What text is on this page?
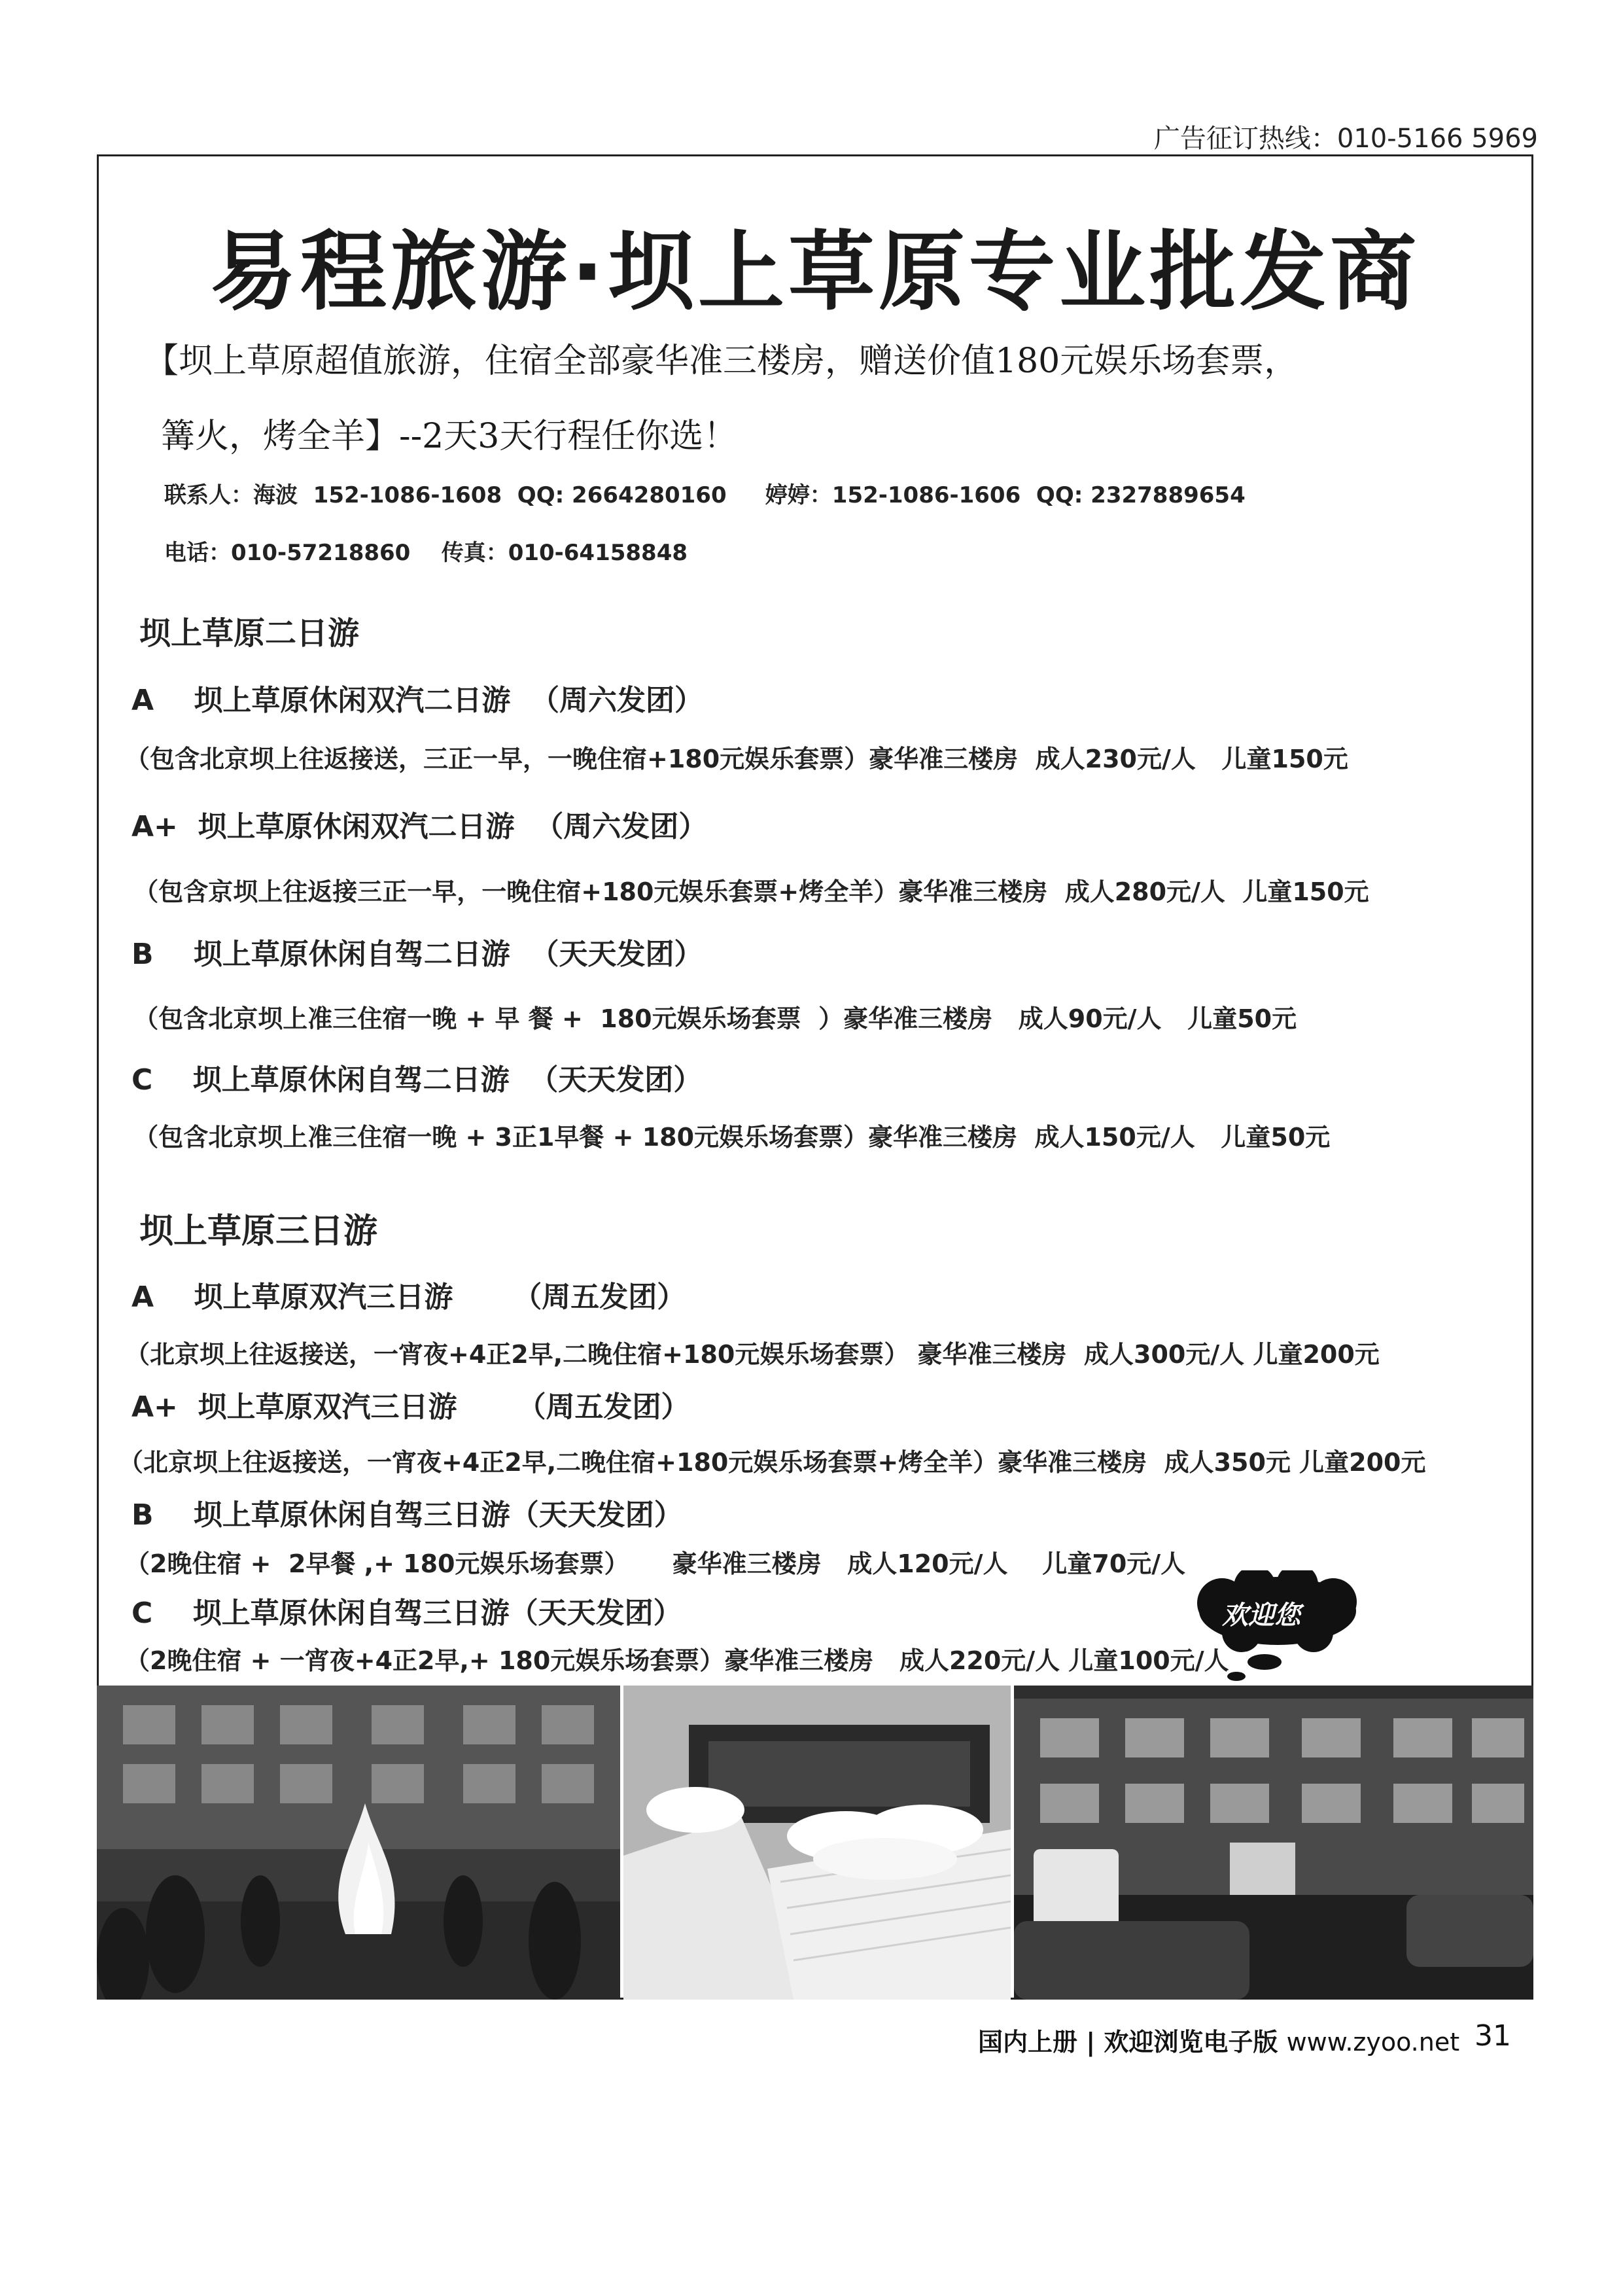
广告征订热线：010-5166 5969
易程旅游·坝上草原专业批发商
【坝上草原超值旅游，住宿全部豪华准三楼房，赠送价值180元娱乐场套票，
篝火，烤全羊】--2天3天行程任你选！
联系人：海波  152-1086-1608  QQ: 2664280160     婷婷：152-1086-1606  QQ: 2327889654
电话：010-57218860    传真：010-64158848
坝上草原二日游
A    坝上草原休闲双汽二日游  （周六发团）
（包含北京坝上往返接送，三正一早，一晚住宿+180元娱乐套票）豪华准三楼房  成人230元/人   儿童150元
A+  坝上草原休闲双汽二日游  （周六发团）
（包含京坝上往返接三正一早，一晚住宿+180元娱乐套票+烤全羊）豪华准三楼房  成人280元/人  儿童150元
B    坝上草原休闲自驾二日游  （天天发团）
（包含北京坝上准三住宿一晚 + 早 餐 +  180元娱乐场套票  ）豪华准三楼房   成人90元/人   儿童50元
C    坝上草原休闲自驾二日游  （天天发团）
（包含北京坝上准三住宿一晚 + 3正1早餐 + 180元娱乐场套票）豪华准三楼房  成人150元/人   儿童50元
坝上草原三日游
A    坝上草原双汽三日游      （周五发团）
（北京坝上往返接送，一宵夜+4正2早,二晚住宿+180元娱乐场套票） 豪华准三楼房  成人300元/人 儿童200元
A+  坝上草原双汽三日游      （周五发团）
（北京坝上往返接送，一宵夜+4正2早,二晚住宿+180元娱乐场套票+烤全羊）豪华准三楼房  成人350元 儿童200元
B    坝上草原休闲自驾三日游（天天发团）
（2晚住宿 +  2早餐 ,+ 180元娱乐场套票）     豪华准三楼房   成人120元/人    儿童70元/人
C    坝上草原休闲自驾三日游（天天发团）
（2晚住宿 + 一宵夜+4正2早,+ 180元娱乐场套票）豪华准三楼房   成人220元/人 儿童100元/人
欢迎您
国内上册 | 欢迎浏览电子版 www.zyoo.net 31
